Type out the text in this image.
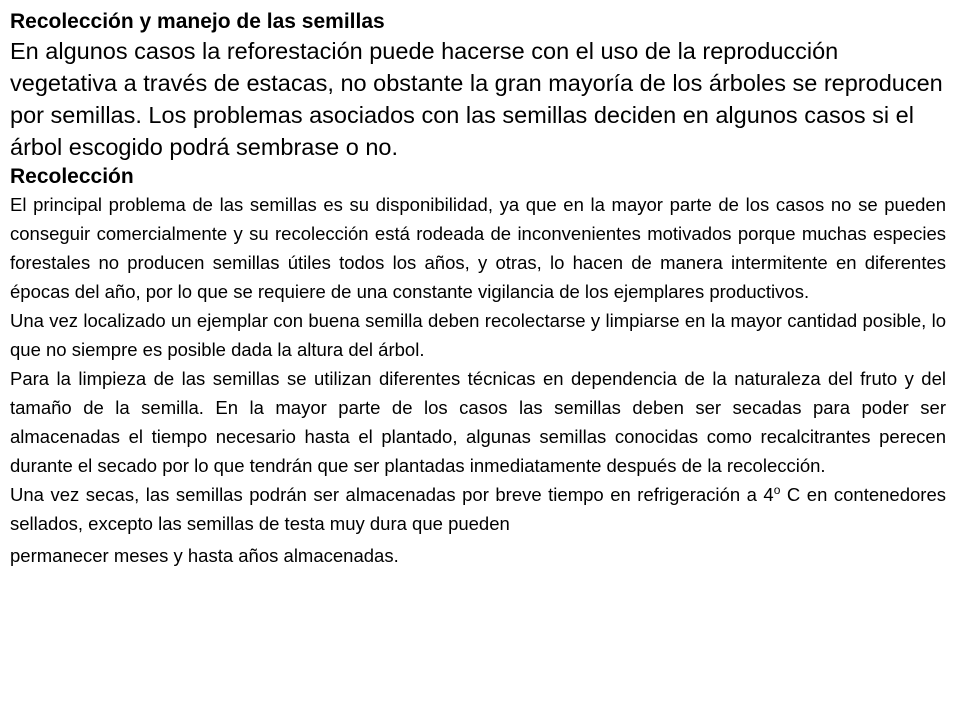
Recolección y manejo de las semillas

En algunos casos la reforestación puede hacerse con el uso de la reproducción vegetativa a través de estacas, no obstante la gran mayoría de los árboles se reproducen por semillas. Los problemas asociados con las semillas deciden en algunos casos si el árbol escogido podrá sembrase o no.

Recolección

El principal problema de las semillas es su disponibilidad, ya que en la mayor parte de los casos no se pueden conseguir comercialmente y su recolección está rodeada de inconvenientes motivados porque muchas especies forestales no producen semillas útiles todos los años, y otras, lo hacen de manera intermitente en diferentes épocas del año, por lo que se requiere de una constante vigilancia de los ejemplares productivos.

Una vez localizado un ejemplar con buena semilla deben recolectarse y limpiarse en la mayor cantidad posible, lo que no siempre es posible dada la altura del árbol.

Para la limpieza de las semillas se utilizan diferentes técnicas en dependencia de la naturaleza del fruto y del tamaño de la semilla. En la mayor parte de los casos las semillas deben ser secadas para poder ser almacenadas el tiempo necesario hasta el plantado, algunas semillas conocidas como recalcitrantes perecen durante el secado por lo que tendrán que ser plantadas inmediatamente después de la recolección.

Una vez secas, las semillas podrán ser almacenadas por breve tiempo en refrigeración a 4$^o$ C en contenedores sellados, excepto las semillas de testa muy dura que pueden
permanecer meses y hasta años almacenadas.
